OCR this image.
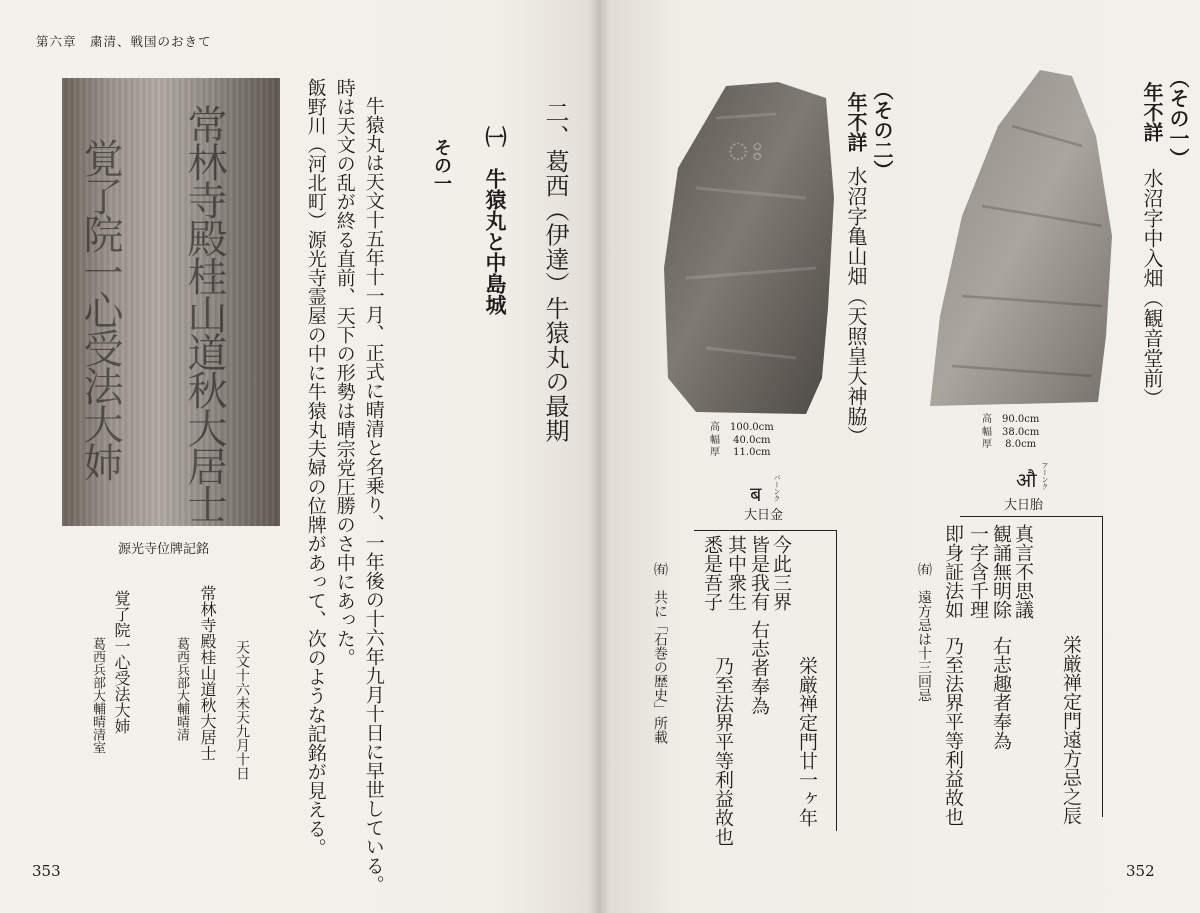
第六章　粛清、戦国のおきて
常林寺殿桂山道秋大居士
覚了院一心受法大姉
源光寺位牌記銘
二、葛西（伊達）牛猿丸の最期
㈠　牛猿丸と中島城
その一
牛猿丸は天文十五年十一月、正式に晴清と名乗り、一年後の十六年九月十日に早世している。
時は天文の乱が終る直前、天下の形勢は晴宗党圧勝のさ中にあった。
飯野川（河北町）源光寺霊屋の中に牛猿丸夫婦の位牌があって、次のような記銘が見える。
天文十六未天九月十日
常林寺殿桂山道秋大居士
葛西兵部大輔晴清
覚了院一心受法大姉
葛西兵部大輔晴清室
353
ঃ	（その一）
年不詳
水沼字中入畑（観音堂前）
（その二）
年不詳
水沼字亀山畑（天照皇大神脇）	高　90.0cm
幅　38.0cm
厚　 8.0cm
高　100.0cm
幅　 40.0cm
厚　 11.0cm
औ アーンク
大日胎
ब バーンク
大日金
栄厳禅定門遠方忌之辰
真言不思議
観誦無明除
右志趣者奉為
一字含千理
即身証法如
乃至法界平等利益故也
㈲　遠方忌は十三回忌
栄厳禅定門廿一ヶ年
今此三界
皆是我有
右志者奉為
其中衆生
悉是吾子
乃至法界平等利益故也
㈲　共に「石巻の歴史」所載
352
